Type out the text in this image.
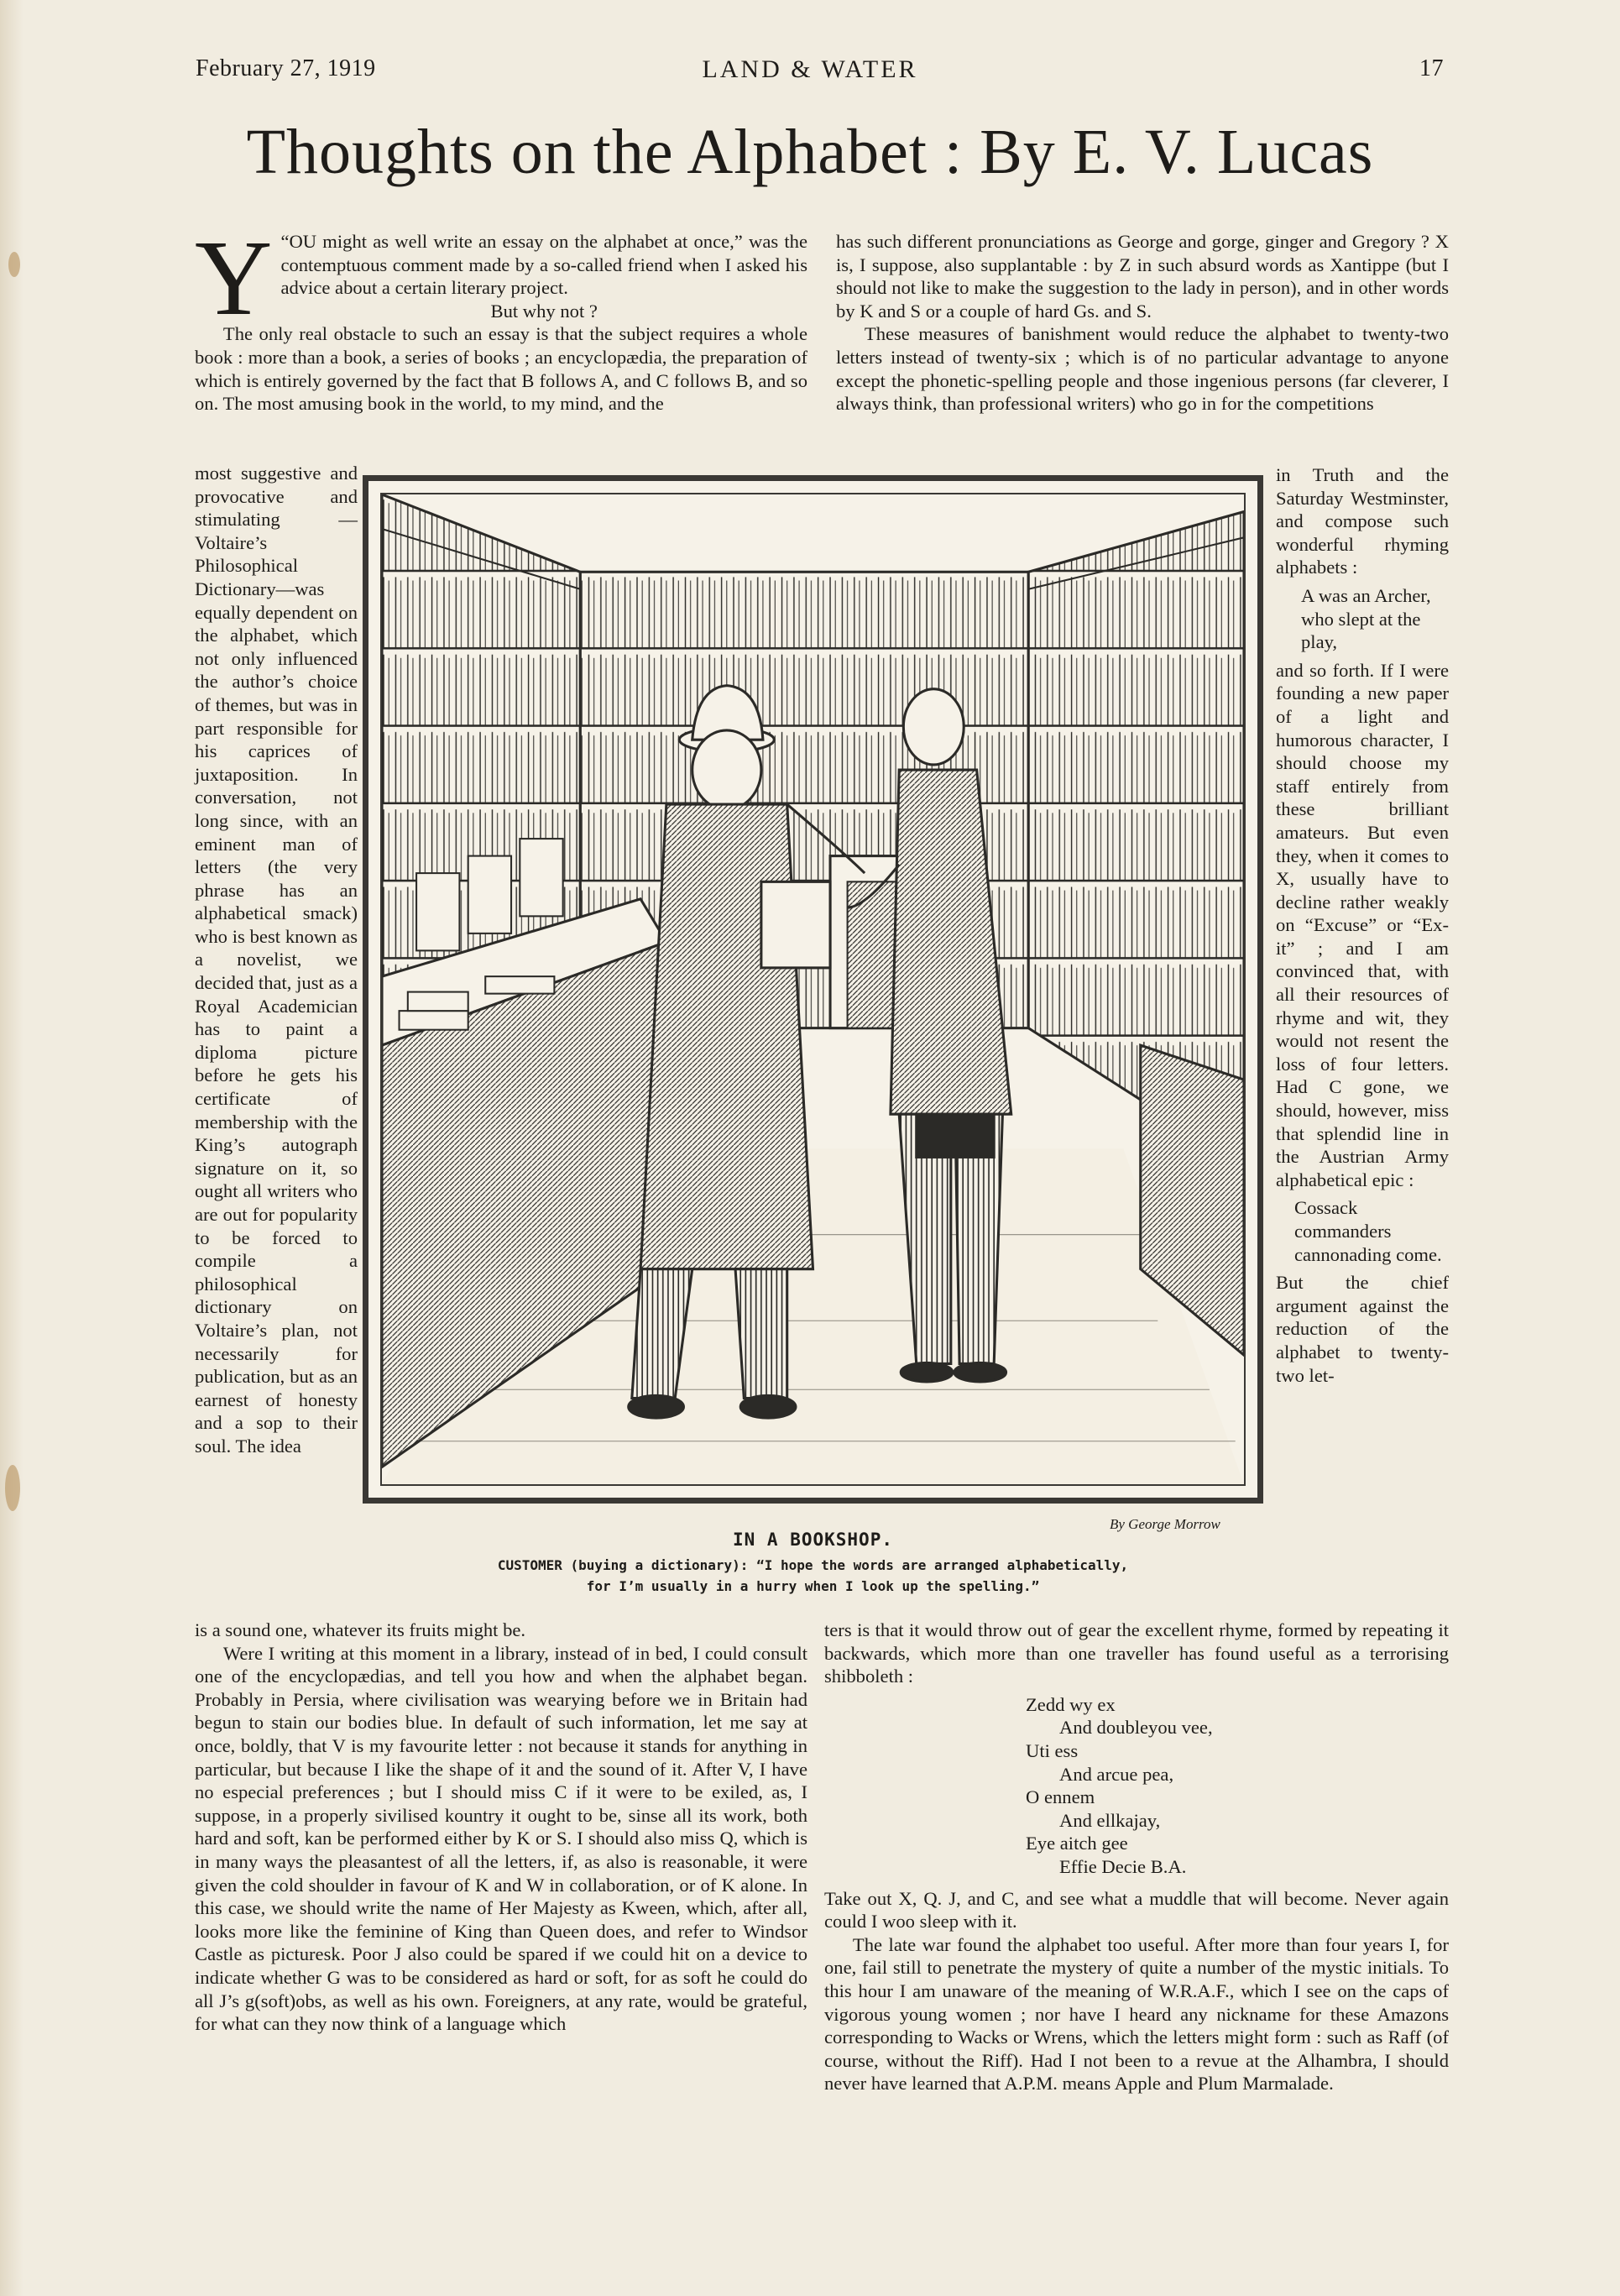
February 27, 1919	LAND & WATER	17
Thoughts on the Alphabet : By E. V. Lucas
Y “OU might as well write an essay on the alphabet at once,” was the contemptuous comment made by a so-called friend when I asked his advice about a certain literary project.

But why not ?

The only real obstacle to such an essay is that the subject requires a whole book : more than a book, a series of books ; an encyclopædia, the preparation of which is entirely governed by the fact that B follows A, and C follows B, and so on. The most amusing book in the world, to my mind, and the

most suggestive and provocative and stimulating —Voltaire’s Philosophical Dictionary—was equally dependent on the alphabet, which not only influenced the author’s choice of themes, but was in part responsible for his caprices of juxtaposition. In conversation, not long since, with an eminent man of letters (the very phrase has an alphabetical smack) who is best known as a novelist, we decided that, just as a Royal Academician has to paint a diploma picture before he gets his certificate of membership with the King’s autograph signature on it, so ought all writers who are out for popularity to be forced to compile a philosophical dictionary on Voltaire’s plan, not necessarily for publication, but as an earnest of honesty and a sop to their soul. The idea

is a sound one, whatever its fruits might be.

Were I writing at this moment in a library, instead of in bed, I could consult one of the encyclopædias, and tell you how and when the alphabet began. Probably in Persia, where civilisation was wearying before we in Britain had begun to stain our bodies blue. In default of such information, let me say at once, boldly, that V is my favourite letter : not because it stands for anything in particular, but because I like the shape of it and the sound of it. After V, I have no especial preferences ; but I should miss C if it were to be exiled, as, I suppose, in a properly sivilised kountry it ought to be, sinse all its work, both hard and soft, kan be performed either by K or S. I should also miss Q, which is in many ways the pleasantest of all the letters, if, as also is reasonable, it were given the cold shoulder in favour of K and W in collaboration, or of K alone. In this case, we should write the name of Her Majesty as Kween, which, after all, looks more like the feminine of King than Queen does, and refer to Windsor Castle as picturesk. Poor J also could be spared if we could hit on a device to indicate whether G was to be considered as hard or soft, for as soft he could do all J’s g(soft)obs, as well as his own. Foreigners, at any rate, would be grateful, for what can they now think of a language which

has such different pronunciations as George and gorge, ginger and Gregory ? X is, I suppose, also supplantable : by Z in such absurd words as Xantippe (but I should not like to make the suggestion to the lady in person), and in other words by K and S or a couple of hard Gs. and S.

These measures of banishment would reduce the alphabet to twenty-two letters instead of twenty-six ; which is of no particular advantage to anyone except the phonetic-spelling people and those ingenious persons (far cleverer, I always think, than professional writers) who go in for the competitions

in Truth and the Saturday Westminster, and compose such wonderful rhyming alphabets :

A was an Archer, who slept at the play,

and so forth. If I were founding a new paper of a light and humorous character, I should choose my staff entirely from these brilliant amateurs. But even they, when it comes to X, usually have to decline rather weakly on “Excuse” or “Ex-it” ; and I am convinced that, with all their resources of rhyme and wit, they would not resent the loss of four letters. Had C gone, we should, however, miss that splendid line in the Austrian Army alphabetical epic :

Cossack commanders cannonading come.

But the chief argument against the reduction of the alphabet to twenty-two let-

ters is that it would throw out of gear the excellent rhyme, formed by repeating it backwards, which more than one traveller has found useful as a terrorising shibboleth :

Zedd wy ex

And doubleyou vee,

Uti ess

And arcue pea,

O ennem

And ellkajay,

Eye aitch gee

Effie Decie B.A.

Take out X, Q. J, and C, and see what a muddle that will become. Never again could I woo sleep with it.

The late war found the alphabet too useful. After more than four years I, for one, fail still to penetrate the mystery of quite a number of the mystic initials. To this hour I am unaware of the meaning of W.R.A.F., which I see on the caps of vigorous young women ; nor have I heard any nickname for these Amazons corresponding to Wacks or Wrens, which the letters might form : such as Raff (of course, without the Riff). Had I not been to a revue at the Alhambra, I should never have learned that A.P.M. means Apple and Plum Marmalade.

By George Morrow
IN A BOOKSHOP.
CUSTOMER (buying a dictionary): “I hope the words are arranged alphabetically,
for I’m usually in a hurry when I look up the spelling.”
